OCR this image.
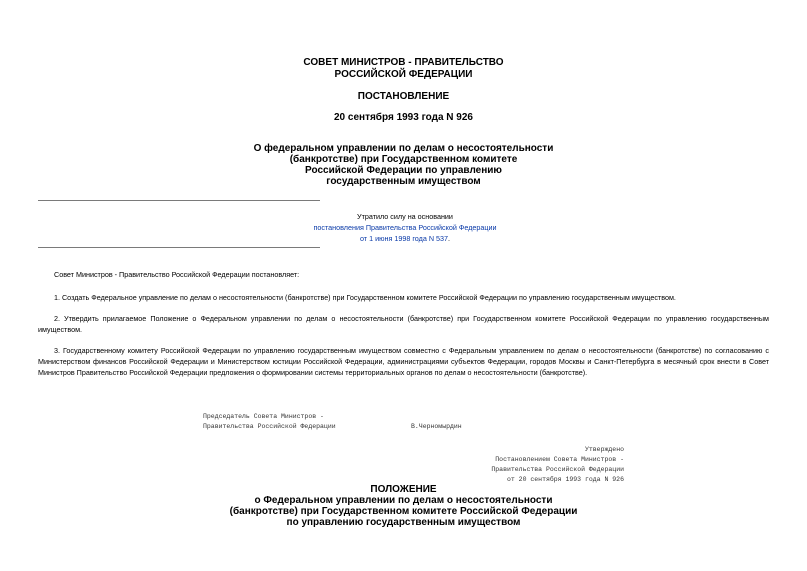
СОВЕТ МИНИСТРОВ - ПРАВИТЕЛЬСТВО
РОССИЙСКОЙ ФЕДЕРАЦИИ
ПОСТАНОВЛЕНИЕ
20 сентября 1993 года N 926
О федеральном управлении по делам о несостоятельности
(банкротстве) при Государственном комитете
Российской Федерации по управлению
государственным имуществом
Утратило силу на основании
постановления Правительства Российской Федерации
от 1 июня 1998 года N 537.
Совет Министров - Правительство Российской Федерации постановляет:
1. Создать Федеральное управление по делам о несостоятельности (банкротстве) при Государственном комитете Российской Федерации по управлению государственным имуществом.
2. Утвердить прилагаемое Положение о Федеральном управлении по делам о несостоятельности (банкротстве) при Государственном комитете Российской Федерации по управлению государственным имуществом.
3. Государственному комитету Российской Федерации по управлению государственным имуществом совместно с Федеральным управлением по делам о несостоятельности (банкротстве) по согласованию с Министерством финансов Российской Федерации и Министерством юстиции Российской Федерации, администрациями субъектов Федерации, городов Москвы и Санкт-Петербурга в месячный срок внести в Совет Министров Правительство Российской Федерации предложения о формировании системы территориальных органов по делам о несостоятельности (банкротстве).
Председатель Совета Министров -
Правительства Российской Федерации	В.Черномырдин
Утверждено
Постановлением Совета Министров -
Правительства Российской Федерации
от 20 сентября 1993 года N 926
ПОЛОЖЕНИЕ
о Федеральном управлении по делам о несостоятельности
(банкротстве) при Государственном комитете Российской Федерации
по управлению государственным имуществом
